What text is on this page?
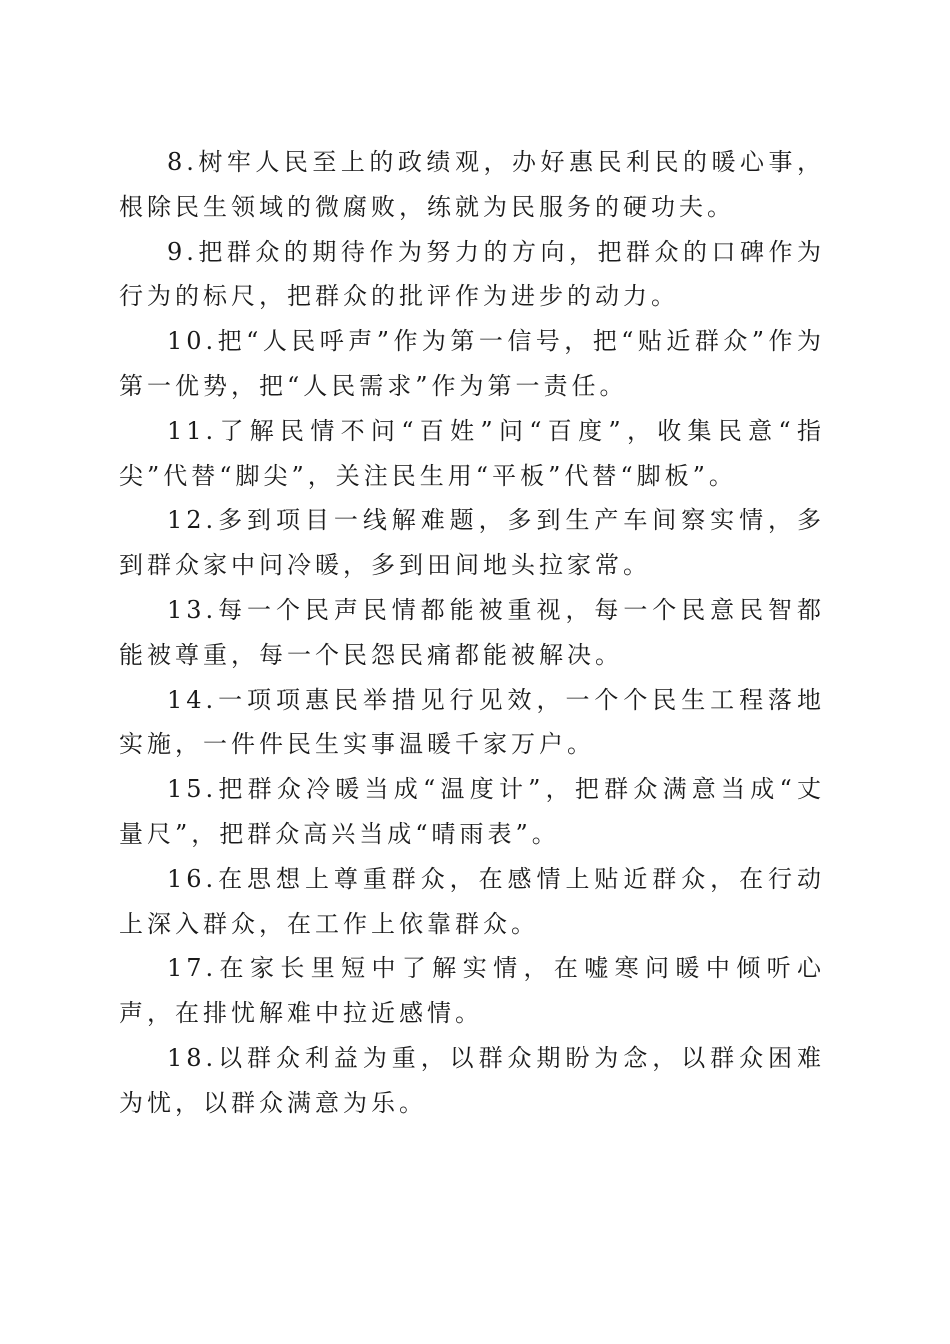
8.树牢人民至上的政绩观，办好惠民利民的暖心事，根除民生领域的微腐败，练就为民服务的硬功夫。

9.把群众的期待作为努力的方向，把群众的口碑作为行为的标尺，把群众的批评作为进步的动力。

10.把“人民呼声”作为第一信号，把“贴近群众”作为第一优势，把“人民需求”作为第一责任。

11.了解民情不问“百姓”问“百度”，收集民意“指尖”代替“脚尖”，关注民生用“平板”代替“脚板”。

12.多到项目一线解难题，多到生产车间察实情，多到群众家中问冷暖，多到田间地头拉家常。

13.每一个民声民情都能被重视，每一个民意民智都能被尊重，每一个民怨民痛都能被解决。

14.一项项惠民举措见行见效，一个个民生工程落地实施，一件件民生实事温暖千家万户。

15.把群众冷暖当成“温度计”，把群众满意当成“丈量尺”，把群众高兴当成“晴雨表”。

16.在思想上尊重群众，在感情上贴近群众，在行动上深入群众，在工作上依靠群众。

17.在家长里短中了解实情，在嘘寒问暖中倾听心声，在排忧解难中拉近感情。

18.以群众利益为重，以群众期盼为念，以群众困难为忧，以群众满意为乐。
